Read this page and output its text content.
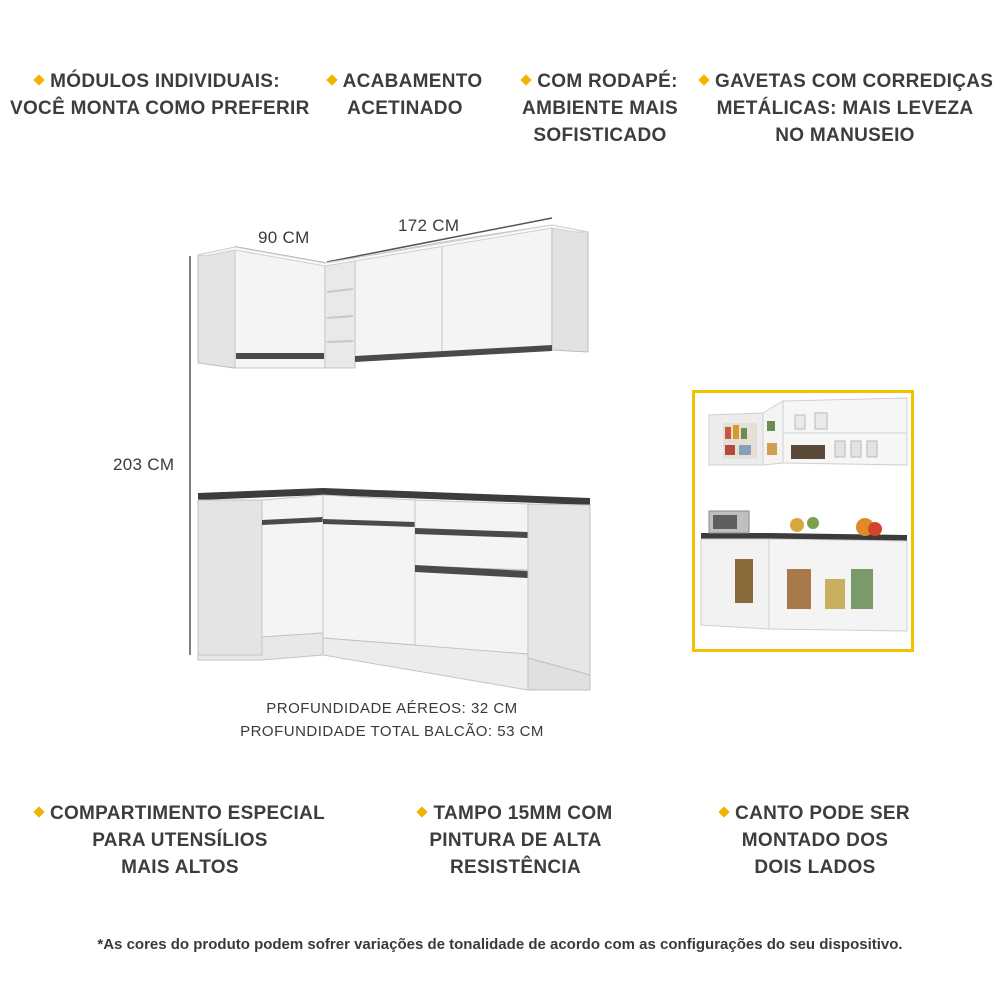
MÓDULOS INDIVIDUAIS:
VOCÊ MONTA COMO PREFERIR
ACABAMENTO
ACETINADO
COM RODAPÉ:
AMBIENTE MAIS
SOFISTICADO
GAVETAS COM CORREDIÇAS
METÁLICAS: MAIS LEVEZA
NO MANUSEIO
90 CM
172 CM
203 CM
PROFUNDIDADE AÉREOS: 32 CM
PROFUNDIDADE TOTAL BALCÃO: 53 CM
COMPARTIMENTO ESPECIAL
PARA UTENSÍLIOS
MAIS ALTOS
TAMPO 15MM COM
PINTURA DE ALTA
RESISTÊNCIA
CANTO PODE SER
MONTADO DOS
DOIS LADOS
*As cores do produto podem sofrer variações de tonalidade de acordo com as configurações do seu dispositivo.
